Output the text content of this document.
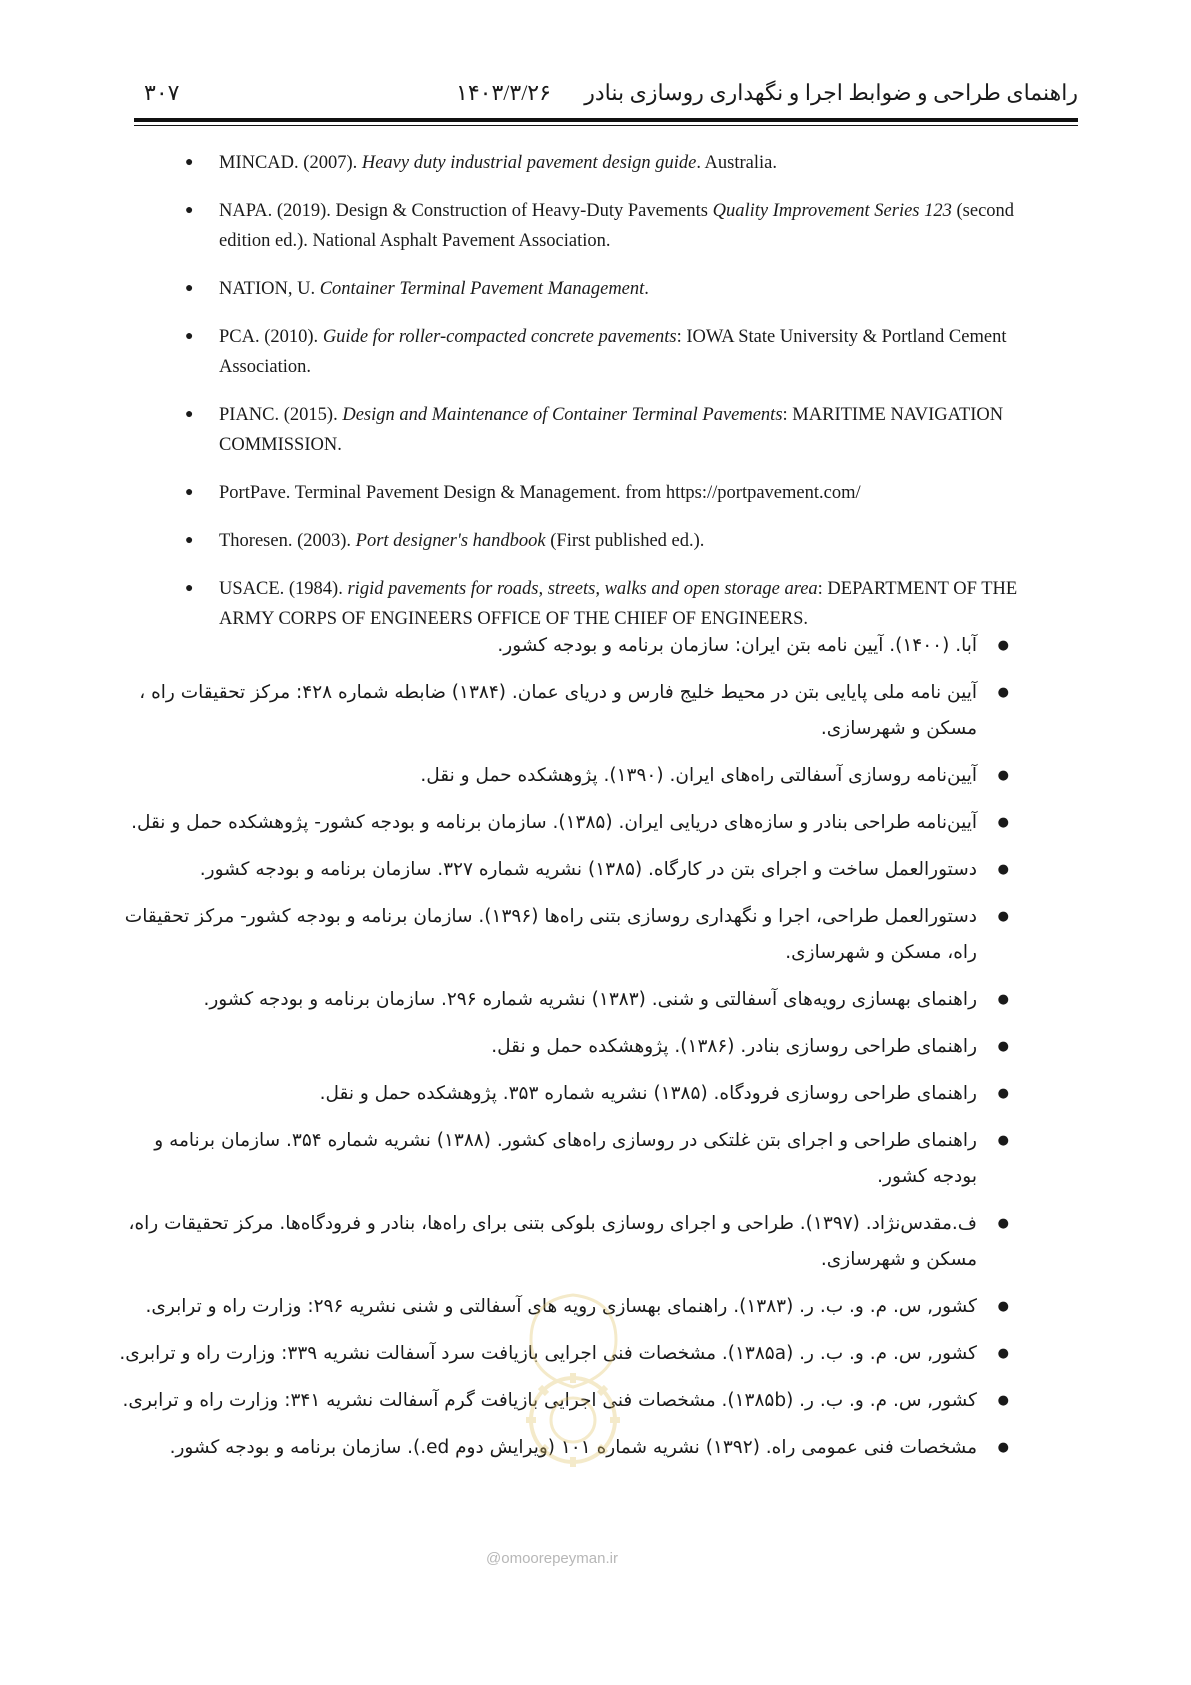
راهنمای طراحی و ضوابط اجرا و نگهداری روسازی بنادر
۱۴۰۳/۳/۲۶
۳۰۷
● MINCAD. (2007). Heavy duty industrial pavement design guide. Australia.
● NAPA. (2019). Design & Construction of Heavy-Duty Pavements Quality Improvement Series 123 (second edition ed.). National Asphalt Pavement Association.
● NATION, U. Container Terminal Pavement Management.
● PCA. (2010). Guide for roller-compacted concrete pavements: IOWA State University & Portland Cement Association.
● PIANC. (2015). Design and Maintenance of Container Terminal Pavements: MARITIME NAVIGATION COMMISSION.
● PortPave. Terminal Pavement Design & Management. from https://portpavement.com/
● Thoresen. (2003). Port designer's handbook (First published ed.).
● USACE. (1984). rigid pavements for roads, streets, walks and open storage area: DEPARTMENT OF THE ARMY CORPS OF ENGINEERS OFFICE OF THE CHIEF OF ENGINEERS.
●
آبا. (۱۴۰۰). آیین نامه بتن ایران: سازمان برنامه و بودجه کشور.
●
آیین نامه ملی پایایی بتن در محیط خلیج فارس و دریای عمان. (۱۳۸۴) ضابطه شماره ۴۲۸: مرکز تحقیقات راه ، مسکن و شهرسازی.
●
آیین‌نامه روسازی آسفالتی راه‌های ایران. (۱۳۹۰). پژوهشکده حمل و نقل.
●
آیین‌نامه طراحی بنادر و سازه‌های دریایی ایران. (۱۳۸۵). سازمان برنامه و بودجه کشور- پژوهشکده حمل و نقل.
●
دستورالعمل ساخت و اجرای بتن در کارگاه. (۱۳۸۵) نشریه شماره ۳۲۷. سازمان برنامه و بودجه کشور.
●
دستورالعمل طراحی، اجرا و نگهداری روسازی بتنی راه‌ها (۱۳۹۶). سازمان برنامه و بودجه کشور- مرکز تحقیقات راه، مسکن و شهرسازی.
●
راهنمای بهسازی رویه‌های آسفالتی و شنی. (۱۳۸۳) نشریه شماره ۲۹۶. سازمان برنامه و بودجه کشور.
●
راهنمای طراحی روسازی بنادر. (۱۳۸۶). پژوهشکده حمل و نقل.
●
راهنمای طراحی روسازی فرودگاه. (۱۳۸۵) نشریه شماره ۳۵۳. پژوهشکده حمل و نقل.
●
راهنمای طراحی و اجرای بتن غلتکی در روسازی راه‌های کشور. (۱۳۸۸) نشریه شماره ۳۵۴. سازمان برنامه و بودجه کشور.
●
ف.مقدس‌نژاد. (۱۳۹۷). طراحی و اجرای روسازی بلوکی بتنی برای راه‌ها، بنادر و فرودگاه‌ها. مرکز تحقیقات راه، مسکن و شهرسازی.
●
کشور, س. م. و. ب. ر. (۱۳۸۳). راهنمای بهسازی رویه های آسفالتی و شنی نشریه ۲۹۶: وزارت راه و ترابری.
●
کشور, س. م. و. ب. ر. (۱۳۸۵a). مشخصات فنی اجرایی بازیافت سرد آسفالت نشریه ۳۳۹: وزارت راه و ترابری.
●
کشور, س. م. و. ب. ر. (۱۳۸۵b). مشخصات فنی اجرایی بازیافت گرم آسفالت نشریه ۳۴۱: وزارت راه و ترابری.
●
مشخصات فنی عمومی راه. (۱۳۹۲) نشریه شماره ۱۰۱ (ویرایش دوم ed.). سازمان برنامه و بودجه کشور.
@omoorepeyman.ir
